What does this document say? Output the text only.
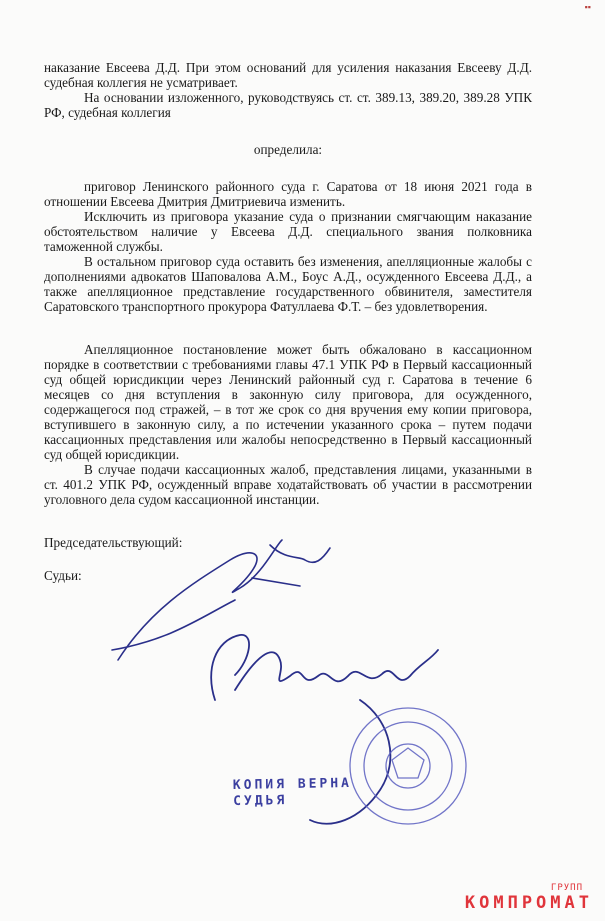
▪▪

наказание Евсеева Д.Д. При этом оснований для усиления наказания Евсееву Д.Д. судебная коллегия не усматривает.

На основании изложенного, руководствуясь ст. ст. 389.13, 389.20, 389.28 УПК РФ, судебная коллегия

определила:

приговор Ленинского районного суда г. Саратова от 18 июня 2021 года в отношении Евсеева Дмитрия Дмитриевича изменить.

Исключить из приговора указание суда о признании смягчающим наказание обстоятельством наличие у Евсеева Д.Д. специального звания полковника таможенной службы.

В остальном приговор суда оставить без изменения, апелляционные жалобы с дополнениями адвокатов Шаповалова А.М., Боус А.Д., осужденного Евсеева Д.Д., а также апелляционное представление государственного обвинителя, заместителя Саратовского транспортного прокурора Фатуллаева Ф.Т. – без удовлетворения.

Апелляционное постановление может быть обжаловано в кассационном порядке в соответствии с требованиями главы 47.1 УПК РФ в Первый кассационный суд общей юрисдикции через Ленинский районный суд г. Саратова в течение 6 месяцев со дня вступления в законную силу приговора, для осужденного, содержащегося под стражей, – в тот же срок со дня вручения ему копии приговора, вступившего в законную силу, а по истечении указанного срока – путем подачи кассационных представления или жалобы непосредственно в Первый кассационный суд общей юрисдикции.

В случае подачи кассационных жалоб, представления лицами, указанными в ст. 401.2 УПК РФ, осужденный вправе ходатайствовать об участии в рассмотрении уголовного дела судом кассационной инстанции.

Председательствующий:

Судьи:

КОПИЯ ВЕРНА
СУДЬЯ
ГРУПП
КОМПРОМАТ
